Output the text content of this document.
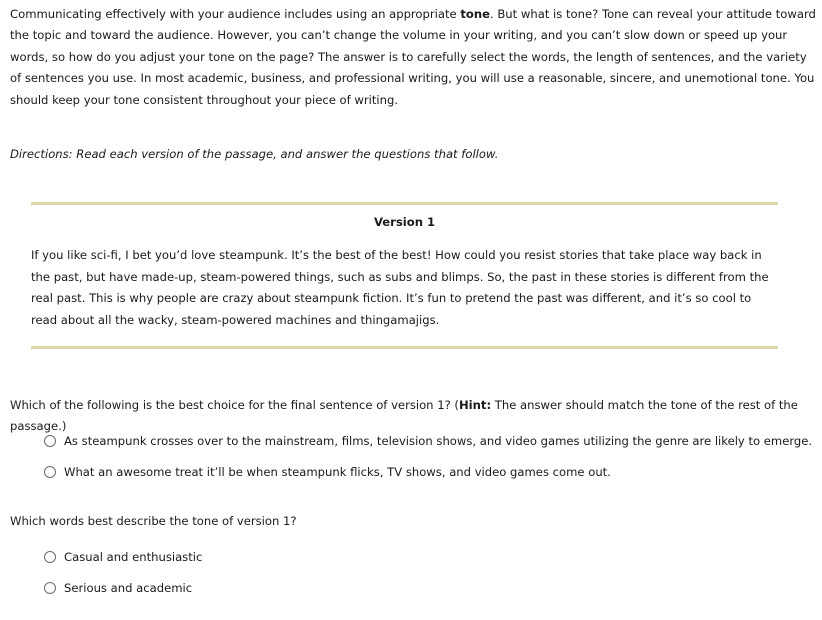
Communicating effectively with your audience includes using an appropriate tone. But what is tone? Tone can reveal your attitude toward the topic and toward the audience. However, you can’t change the volume in your writing, and you can’t slow down or speed up your words, so how do you adjust your tone on the page? The answer is to carefully select the words, the length of sentences, and the variety of sentences you use. In most academic, business, and professional writing, you will use a reasonable, sincere, and unemotional tone. You should keep your tone consistent throughout your piece of writing.

Directions: Read each version of the passage, and answer the questions that follow.

Version 1

If you like sci-fi, I bet you’d love steampunk. It’s the best of the best! How could you resist stories that take place way back in the past, but have made-up, steam-powered things, such as subs and blimps. So, the past in these stories is different from the real past. This is why people are crazy about steampunk fiction. It’s fun to pretend the past was different, and it’s so cool to read about all the wacky, steam-powered machines and thingamajigs.

Which of the following is the best choice for the final sentence of version 1? (Hint: The answer should match the tone of the rest of the passage.)

As steampunk crosses over to the mainstream, films, television shows, and video games utilizing the genre are likely to emerge.
What an awesome treat it’ll be when steampunk flicks, TV shows, and video games come out.

Which words best describe the tone of version 1?

Casual and enthusiastic
Serious and academic
